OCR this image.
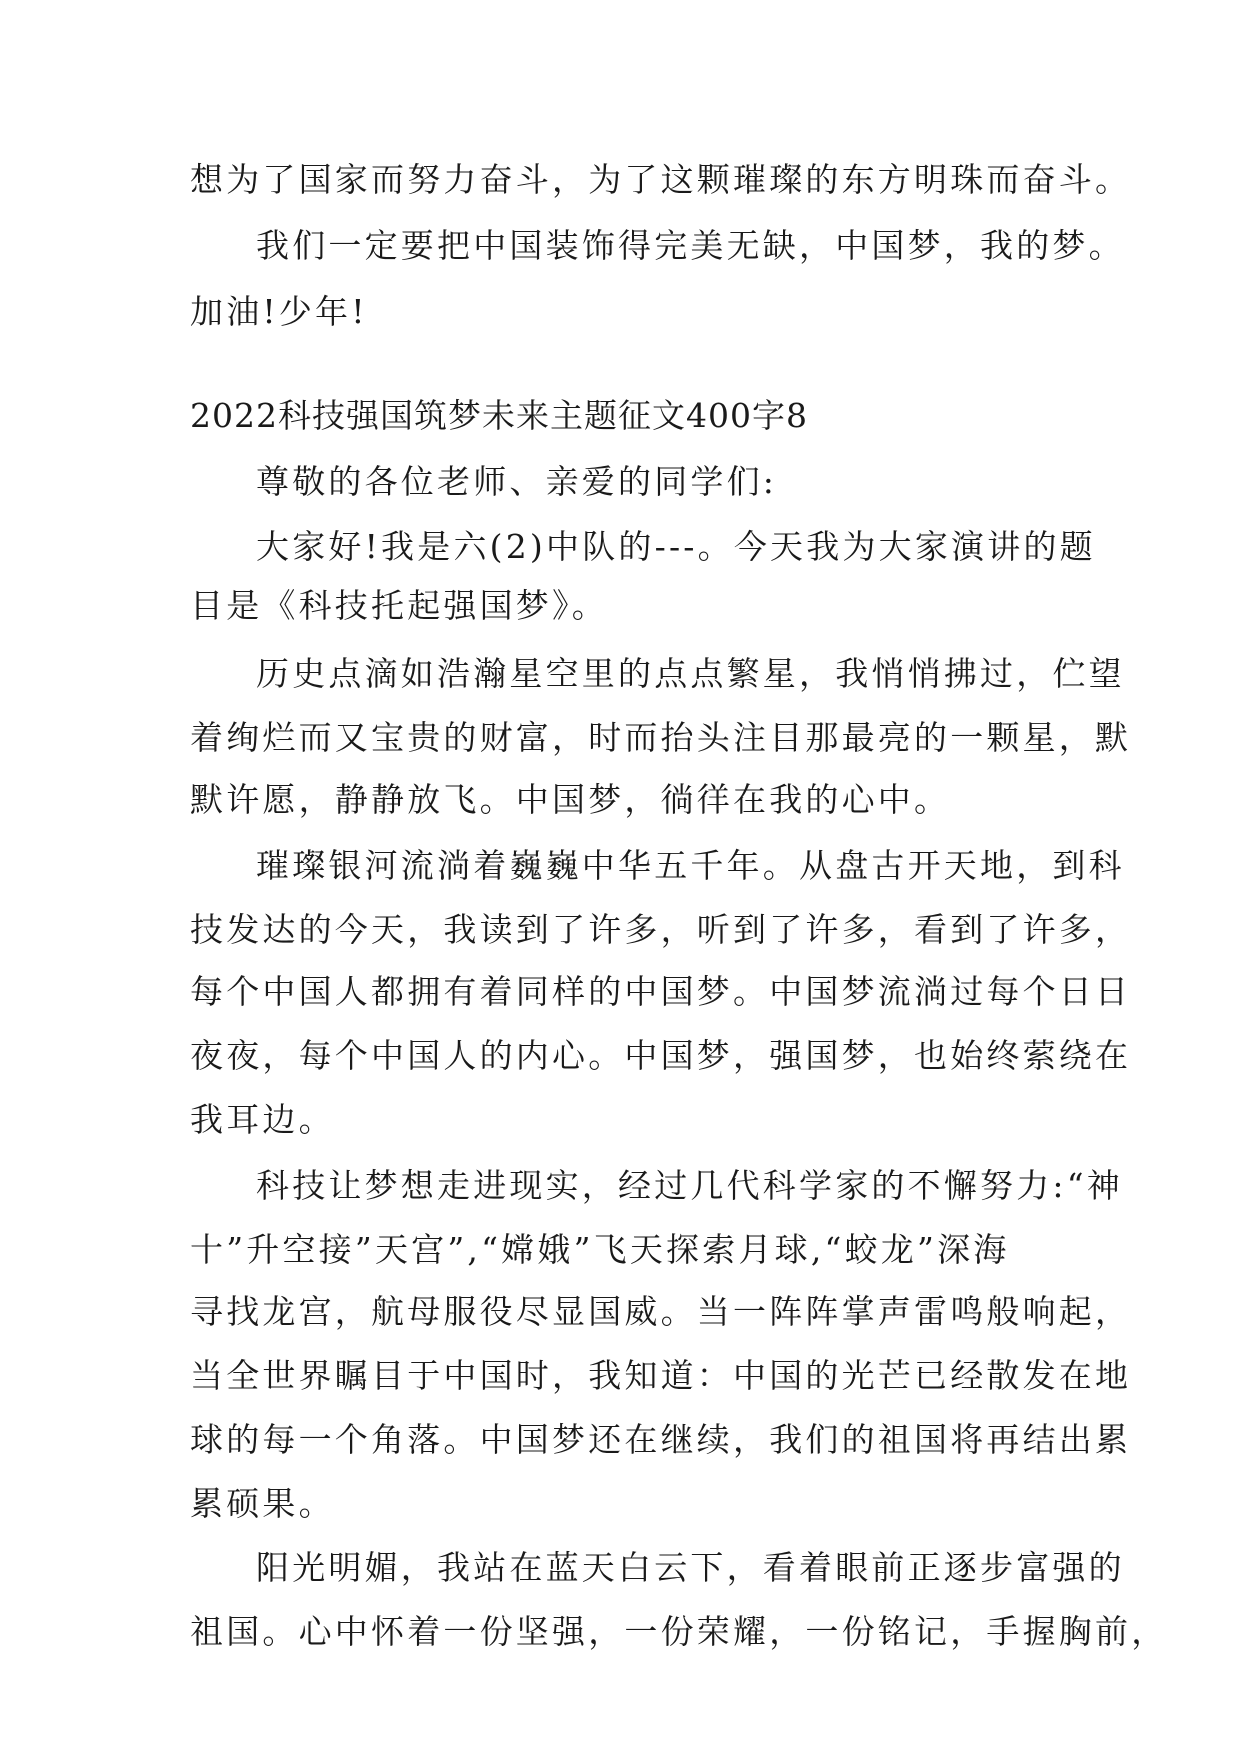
想为了国家而努力奋斗，为了这颗璀璨的东方明珠而奋斗。
我们一定要把中国装饰得完美无缺，中国梦，我的梦。
加油!少年!
2022科技强国筑梦未来主题征文400字8
尊敬的各位老师、亲爱的同学们:
大家好!我是六(2)中队的---。今天我为大家演讲的题
目是《科技托起强国梦》。
历史点滴如浩瀚星空里的点点繁星，我悄悄拂过，伫望
着绚烂而又宝贵的财富，时而抬头注目那最亮的一颗星，默
默许愿，静静放飞。中国梦，徜徉在我的心中。
璀璨银河流淌着巍巍中华五千年。从盘古开天地，到科
技发达的今天，我读到了许多，听到了许多，看到了许多，
每个中国人都拥有着同样的中国梦。中国梦流淌过每个日日
夜夜，每个中国人的内心。中国梦，强国梦，也始终萦绕在
我耳边。
科技让梦想走进现实，经过几代科学家的不懈努力:“神
十”升空接”天宫”,“嫦娥”飞天探索月球,“蛟龙”深海
寻找龙宫，航母服役尽显国威。当一阵阵掌声雷鸣般响起，
当全世界瞩目于中国时，我知道：中国的光芒已经散发在地
球的每一个角落。中国梦还在继续，我们的祖国将再结出累
累硕果。
阳光明媚，我站在蓝天白云下，看着眼前正逐步富强的
祖国。心中怀着一份坚强，一份荣耀，一份铭记，手握胸前，
